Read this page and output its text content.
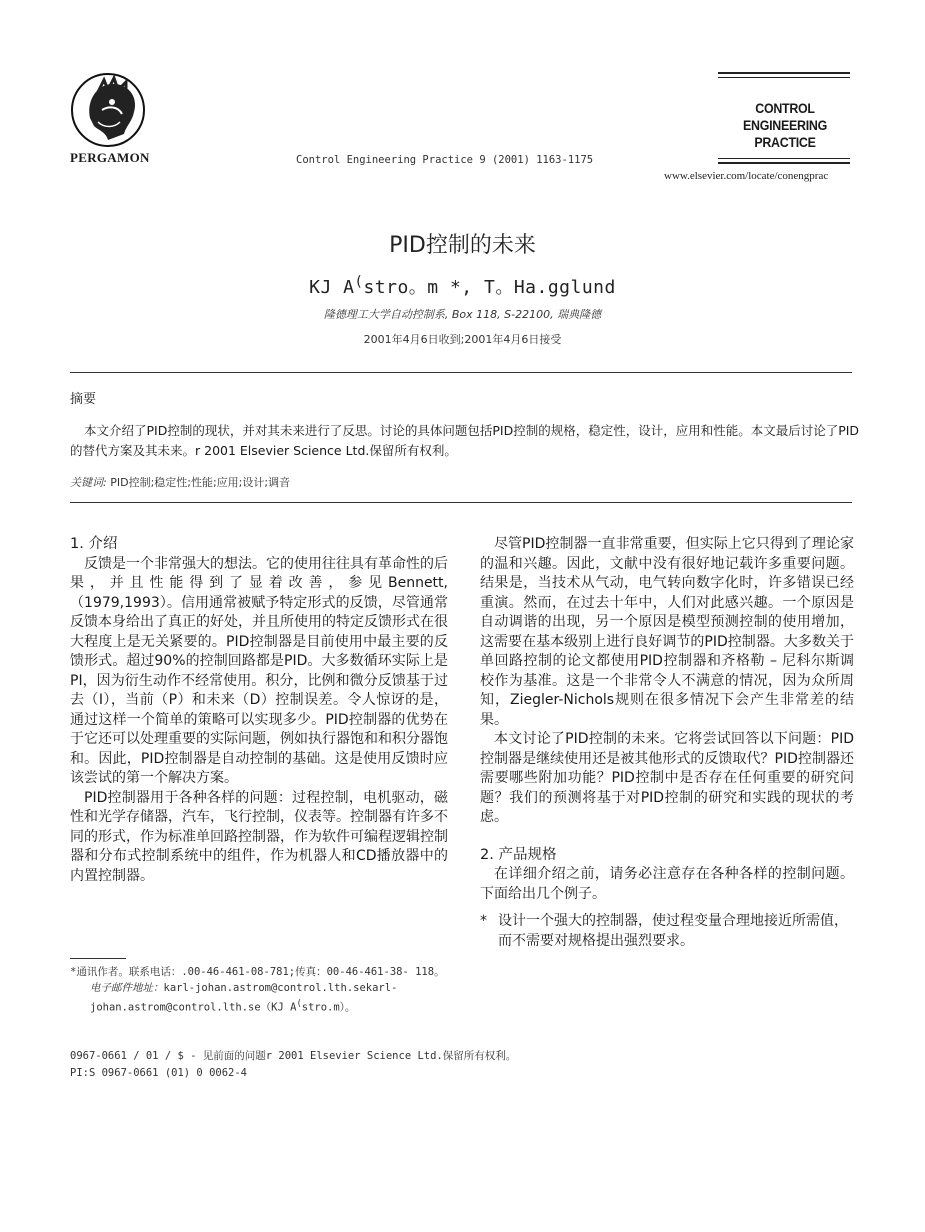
PERGAMON	Control Engineering Practice 9 (2001) 1163-1175
CONTROL ENGINEERING
PRACTICE
www.elsevier.com/locate/conengprac
PID控制的未来
KJ A(stro。m *, T。Ha.gglund
隆德理工大学自动控制系, Box 118, S-22100, 瑞典隆德
2001年4月6日收到;2001年4月6日接受
摘要
本文介绍了PID控制的现状，并对其未来进行了反思。讨论的具体问题包括PID控制的规格，稳定性，设计，应用和性能。本文最后讨论了PID的替代方案及其未来。r 2001 Elsevier Science Ltd.保留所有权利。
关键词: PID控制;稳定性;性能;应用;设计;调音

1. 介绍

反馈是一个非常强大的想法。它的使用往往具有革命性的后果，并且性能得到了显着改善，参见Bennett,（1979,1993）。信用通常被赋予特定形式的反馈，尽管通常反馈本身给出了真正的好处，并且所使用的特定反馈形式在很大程度上是无关紧要的。PID控制器是目前使用中最主要的反馈形式。超过90%的控制回路都是PID。大多数循环实际上是PI，因为衍生动作不经常使用。积分，比例和微分反馈基于过去（I），当前（P）和未来（D）控制误差。令人惊讶的是，通过这样一个简单的策略可以实现多少。PID控制器的优势在于它还可以处理重要的实际问题，例如执行器饱和和积分器饱和。因此，PID控制器是自动控制的基础。这是使用反馈时应该尝试的第一个解决方案。

PID控制器用于各种各样的问题：过程控制，电机驱动，磁性和光学存储器，汽车，飞行控制，仪表等。控制器有许多不同的形式，作为标准单回路控制器，作为软件可编程逻辑控制器和分布式控制系统中的组件，作为机器人和CD播放器中的内置控制器。

*通讯作者。联系电话：.00-46-461-08-781;传真：00-46-461-38- 118。
电子邮件地址：karl-johan.astrom@control.lth.sekarl-johan.astrom@control.lth.se（KJ A(stro.m）。

尽管PID控制器一直非常重要，但实际上它只得到了理论家的温和兴趣。因此，文献中没有很好地记载许多重要问题。结果是，当技术从气动，电气转向数字化时，许多错误已经重演。然而，在过去十年中，人们对此感兴趣。一个原因是自动调谐的出现，另一个原因是模型预测控制的使用增加，这需要在基本级别上进行良好调节的PID控制器。大多数关于单回路控制的论文都使用PID控制器和齐格勒 – 尼科尔斯调校作为基准。这是一个非常令人不满意的情况，因为众所周知，Ziegler-Nichols规则在很多情况下会产生非常差的结果。

本文讨论了PID控制的未来。它将尝试回答以下问题：PID控制器是继续使用还是被其他形式的反馈取代？PID控制器还需要哪些附加功能？PID控制中是否存在任何重要的研究问题？我们的预测将基于对PID控制的研究和实践的现状的考虑。

2. 产品规格

在详细介绍之前，请务必注意存在各种各样的控制问题。下面给出几个例子。

* 设计一个强大的控制器，使过程变量合理地接近所需值，而不需要对规格提出强烈要求。
0967-0661 / 01 / $ - 见前面的问题r 2001 Elsevier Science Ltd.保留所有权利。
PI:S 0967-0661 (01) 0 0062-4
